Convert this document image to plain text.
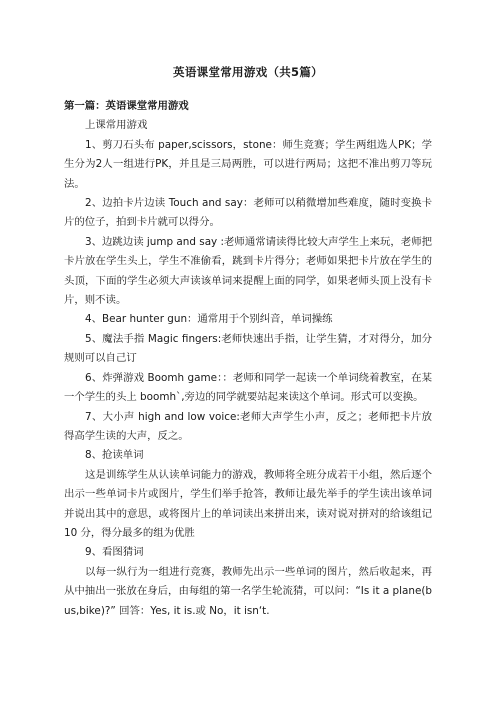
英语课堂常用游戏（共5篇）

第一篇：英语课堂常用游戏

上课常用游戏

1、剪刀石头布 paper,scissors，stone：师生竞赛；学生两组选人PK；学生分为2人一组进行PK，并且是三局两胜，可以进行两局；这把不准出剪刀等玩法。

2、边拍卡片边读 Touch and say：老师可以稍微增加些难度，随时变换卡片的位子，拍到卡片就可以得分。

3、边跳边读 jump and say :老师通常请读得比较大声学生上来玩，老师把卡片放在学生头上，学生不准偷看，跳到卡片得分；老师如果把卡片放在学生的头顶，下面的学生必须大声读该单词来提醒上面的同学，如果老师头顶上没有卡片，则不读。

4、Bear hunter gun：通常用于个别纠音，单词操练

5、魔法手指 Magic fingers:老师快速出手指，让学生猜，才对得分，加分规则可以自己订

6、炸弹游戏 Boomh game：：老师和同学一起读一个单词绕着教室，在某一个学生的头上 boomh`,旁边的同学就要站起来读这个单词。形式可以变换。

7、大小声 high and low voice:老师大声学生小声，反之；老师把卡片放得高学生读的大声，反之。

8、抢读单词

这是训练学生从认读单词能力的游戏，教师将全班分成若干小组，然后逐个出示一些单词卡片或图片，学生们举手抢答，教师让最先举手的学生读出该单词并说出其中的意思，或将图片上的单词读出来拼出来，读对说对拼对的给该组记 10 分，得分最多的组为优胜

9、看图猜词

以每一纵行为一组进行竞赛，教师先出示一些单词的图片，然后收起来，再从中抽出一张放在身后，由每组的第一名学生轮流猜，可以问：“Is it a plane(bus,bike)?” 回答：Yes, it is.或 No，it isn‘t.
